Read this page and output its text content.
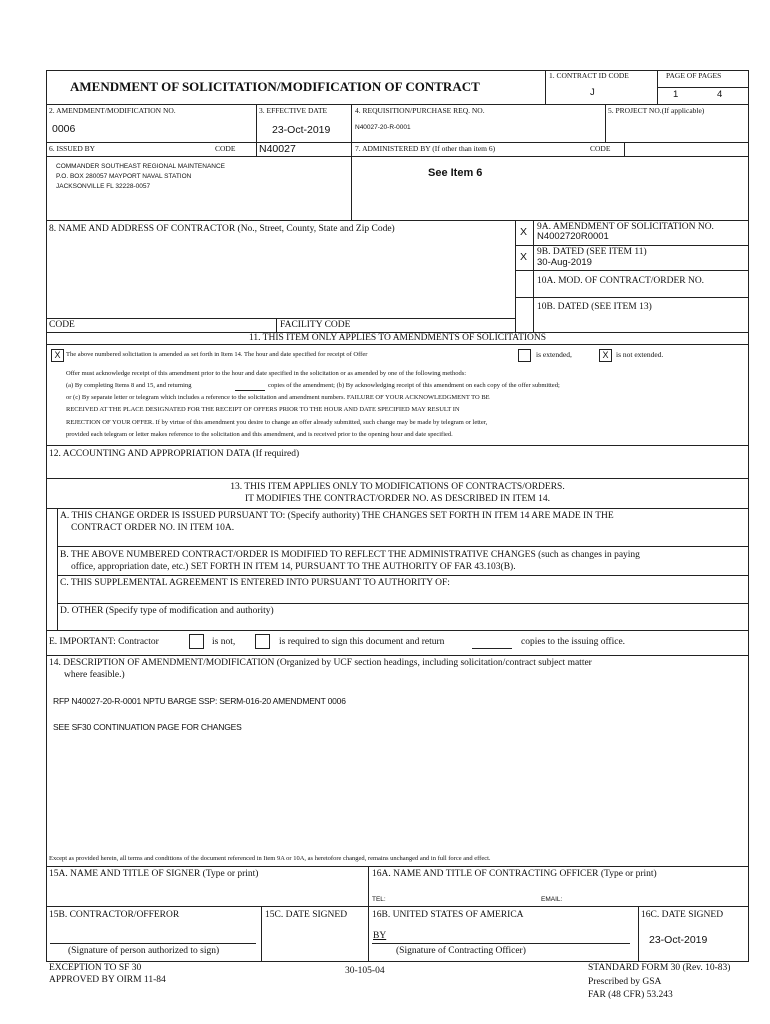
AMENDMENT OF SOLICITATION/MODIFICATION OF CONTRACT
1. CONTRACT ID CODE
J
PAGE OF PAGES
1	4
2. AMENDMENT/MODIFICATION NO.
0006
3. EFFECTIVE DATE
23-Oct-2019
4. REQUISITION/PURCHASE REQ. NO.
N40027-20-R-0001
5. PROJECT NO.(If applicable)
6. ISSUED BY	CODE N40027
COMMANDER SOUTHEAST REGIONAL MAINTENANCE
P.O. BOX 280057 MAYPORT NAVAL STATION
JACKSONVILLE FL 32228-0057
7. ADMINISTERED BY (If other than item 6)	CODE
See Item 6
8. NAME AND ADDRESS OF CONTRACTOR (No., Street, County, State and Zip Code)
CODE	FACILITY CODE
X 9A. AMENDMENT OF SOLICITATION NO.
N4002720R0001
X 9B. DATED (SEE ITEM 11)
30-Aug-2019
10A. MOD. OF CONTRACT/ORDER NO.
10B. DATED (SEE ITEM 13)
11. THIS ITEM ONLY APPLIES TO AMENDMENTS OF SOLICITATIONS
X The above numbered solicitation is amended as set forth in Item 14. The hour and date specified for receipt of Offer	is extended,	X	is not extended.
Offer must acknowledge receipt of this amendment prior to the hour and date specified in the solicitation or as amended by one of the following methods:
(a) By completing Items 8 and 15, and returning	copies of the amendment; (b) By acknowledging receipt of this amendment on each copy of the offer submitted;
or (c) By separate letter or telegram which includes a reference to the solicitation and amendment numbers. FAILURE OF YOUR ACKNOWLEDGMENT TO BE
RECEIVED AT THE PLACE DESIGNATED FOR THE RECEIPT OF OFFERS PRIOR TO THE HOUR AND DATE SPECIFIED MAY RESULT IN
REJECTION OF YOUR OFFER. If by virtue of this amendment you desire to change an offer already submitted, such change may be made by telegram or letter,
provided each telegram or letter makes reference to the solicitation and this amendment, and is received prior to the opening hour and date specified.
12. ACCOUNTING AND APPROPRIATION DATA (If required)
13. THIS ITEM APPLIES ONLY TO MODIFICATIONS OF CONTRACTS/ORDERS.
IT MODIFIES THE CONTRACT/ORDER NO. AS DESCRIBED IN ITEM 14.
A. THIS CHANGE ORDER IS ISSUED PURSUANT TO: (Specify authority) THE CHANGES SET FORTH IN ITEM 14 ARE MADE IN THE
CONTRACT ORDER NO. IN ITEM 10A.
B. THE ABOVE NUMBERED CONTRACT/ORDER IS MODIFIED TO REFLECT THE ADMINISTRATIVE CHANGES (such as changes in paying
office, appropriation date, etc.) SET FORTH IN ITEM 14, PURSUANT TO THE AUTHORITY OF FAR 43.103(B).
C. THIS SUPPLEMENTAL AGREEMENT IS ENTERED INTO PURSUANT TO AUTHORITY OF:
D. OTHER (Specify type of modification and authority)
E. IMPORTANT: Contractor	is not,	is required to sign this document and return	copies to the issuing office.
14. DESCRIPTION OF AMENDMENT/MODIFICATION (Organized by UCF section headings, including solicitation/contract subject matter
where feasible.)
RFP N40027-20-R-0001 NPTU BARGE SSP: SERM-016-20 AMENDMENT 0006
SEE SF30 CONTINUATION PAGE FOR CHANGES
Except as provided herein, all terms and conditions of the document referenced in Item 9A or 10A, as heretofore changed, remains unchanged and in full force and effect.
15A. NAME AND TITLE OF SIGNER (Type or print)	16A. NAME AND TITLE OF CONTRACTING OFFICER (Type or print)
TEL:	EMAIL:
15B. CONTRACTOR/OFFEROR	15C. DATE SIGNED	16B. UNITED STATES OF AMERICA	16C. DATE SIGNED
(Signature of person authorized to sign)
BY
(Signature of Contracting Officer)
23-Oct-2019
EXCEPTION TO SF 30
APPROVED BY OIRM 11-84
30-105-04	STANDARD FORM 30 (Rev. 10-83)
Prescribed by GSA
FAR (48 CFR) 53.243
